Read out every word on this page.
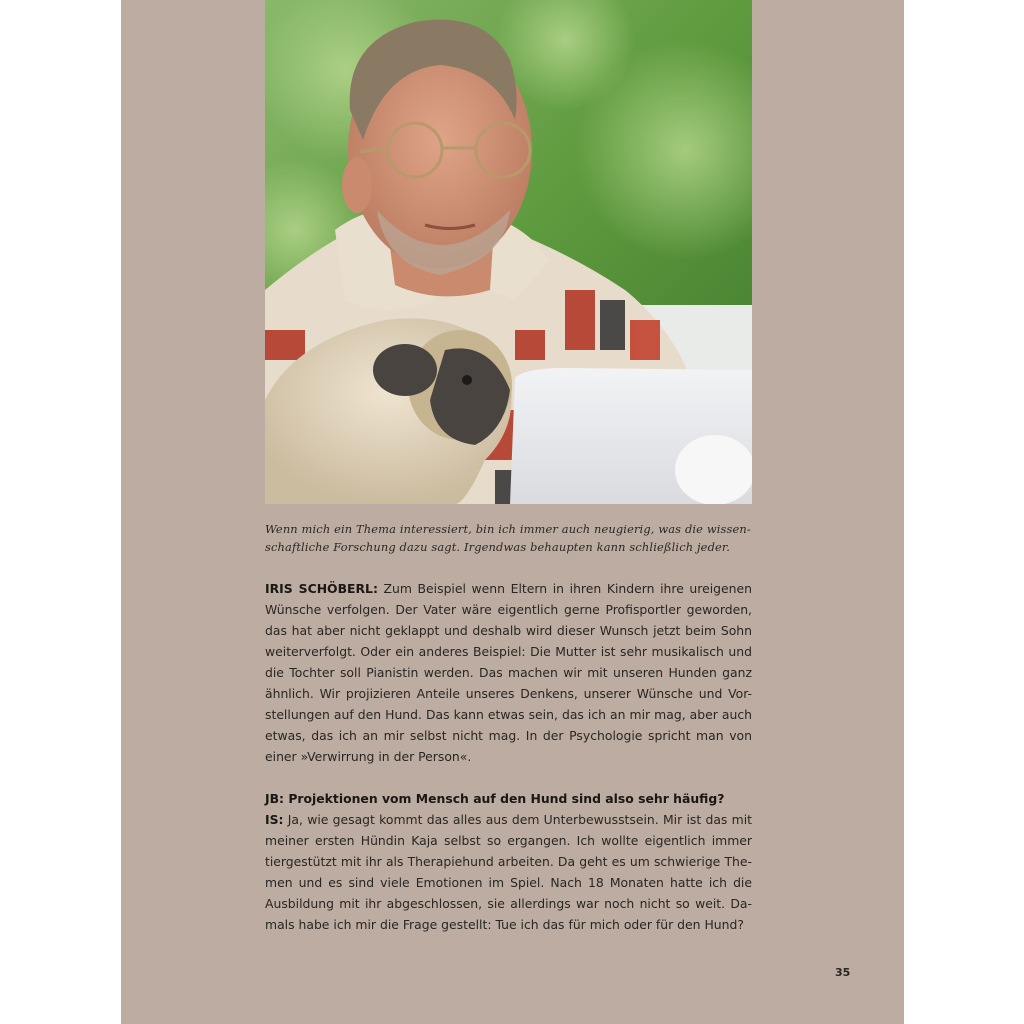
Wenn mich ein Thema interessiert, bin ich immer auch neugierig, was die wissen-
schaftliche Forschung dazu sagt. Irgendwas behaupten kann schließlich jeder.
IRIS SCHÖBERL: Zum Beispiel wenn Eltern in ihren Kindern ihre ureigenen
Wünsche verfolgen. Der Vater wäre eigentlich gerne Profisportler geworden,
das hat aber nicht geklappt und deshalb wird dieser Wunsch jetzt beim Sohn
weiterverfolgt. Oder ein anderes Beispiel: Die Mutter ist sehr musikalisch und
die Tochter soll Pianistin werden. Das machen wir mit unseren Hunden ganz
ähnlich. Wir projizieren Anteile unseres Denkens, unserer Wünsche und Vor-
stellungen auf den Hund. Das kann etwas sein, das ich an mir mag, aber auch
etwas, das ich an mir selbst nicht mag. In der Psychologie spricht man von
einer »Verwirrung in der Person«.
JB: Projektionen vom Mensch auf den Hund sind also sehr häufig?
IS: Ja, wie gesagt kommt das alles aus dem Unterbewusstsein. Mir ist das mit
meiner ersten Hündin Kaja selbst so ergangen. Ich wollte eigentlich immer
tiergestützt mit ihr als Therapiehund arbeiten. Da geht es um schwierige The-
men und es sind viele Emotionen im Spiel. Nach 18 Monaten hatte ich die
Ausbildung mit ihr abgeschlossen, sie allerdings war noch nicht so weit. Da-
mals habe ich mir die Frage gestellt: Tue ich das für mich oder für den Hund?
35
